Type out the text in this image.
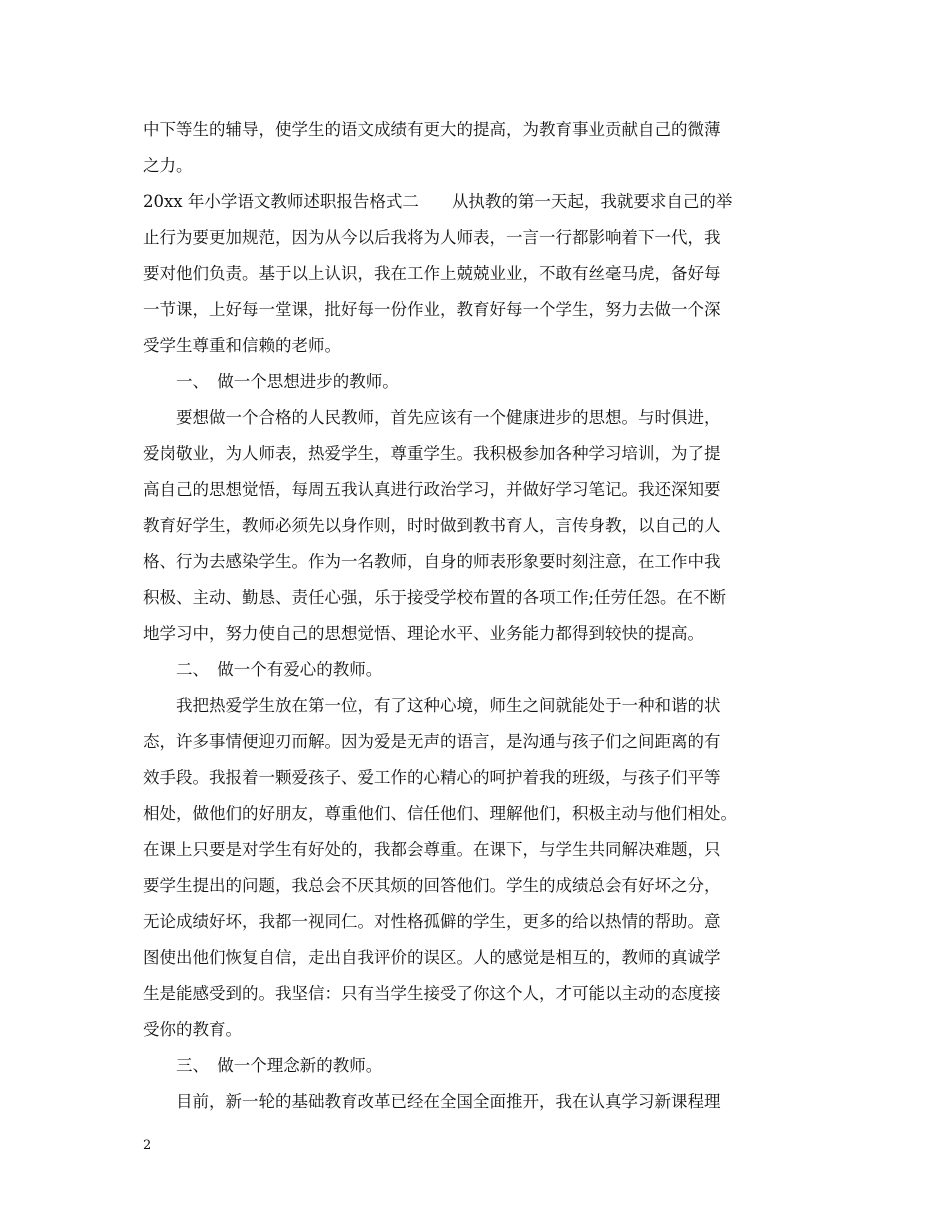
中下等生的辅导，使学生的语文成绩有更大的提高，为教育事业贡献自己的微薄
之力。
20xx 年小学语文教师述职报告格式二　　从执教的第一天起，我就要求自己的举
止行为要更加规范，因为从今以后我将为人师表，一言一行都影响着下一代，我
要对他们负责。基于以上认识，我在工作上兢兢业业，不敢有丝毫马虎，备好每
一节课，上好每一堂课，批好每一份作业，教育好每一个学生，努力去做一个深
受学生尊重和信赖的老师。
　　一、　做一个思想进步的教师。
　　要想做一个合格的人民教师，首先应该有一个健康进步的思想。与时俱进，
爱岗敬业，为人师表，热爱学生，尊重学生。我积极参加各种学习培训，为了提
高自己的思想觉悟，每周五我认真进行政治学习，并做好学习笔记。我还深知要
教育好学生，教师必须先以身作则，时时做到教书育人，言传身教，以自己的人
格、行为去感染学生。作为一名教师，自身的师表形象要时刻注意，在工作中我
积极、主动、勤恳、责任心强，乐于接受学校布置的各项工作;任劳任怨。在不断
地学习中，努力使自己的思想觉悟、理论水平、业务能力都得到较快的提高。
　　二、　做一个有爱心的教师。
　　我把热爱学生放在第一位，有了这种心境，师生之间就能处于一种和谐的状
态，许多事情便迎刃而解。因为爱是无声的语言，是沟通与孩子们之间距离的有
效手段。我报着一颗爱孩子、爱工作的心精心的呵护着我的班级，与孩子们平等
相处，做他们的好朋友，尊重他们、信任他们、理解他们，积极主动与他们相处。
在课上只要是对学生有好处的，我都会尊重。在课下，与学生共同解决难题，只
要学生提出的问题，我总会不厌其烦的回答他们。学生的成绩总会有好坏之分，
无论成绩好坏，我都一视同仁。对性格孤僻的学生，更多的给以热情的帮助。意
图使出他们恢复自信，走出自我评价的误区。人的感觉是相互的，教师的真诚学
生是能感受到的。我坚信：只有当学生接受了你这个人，才可能以主动的态度接
受你的教育。
　　三、　做一个理念新的教师。
　　目前，新一轮的基础教育改革已经在全国全面推开，我在认真学习新课程理
2
